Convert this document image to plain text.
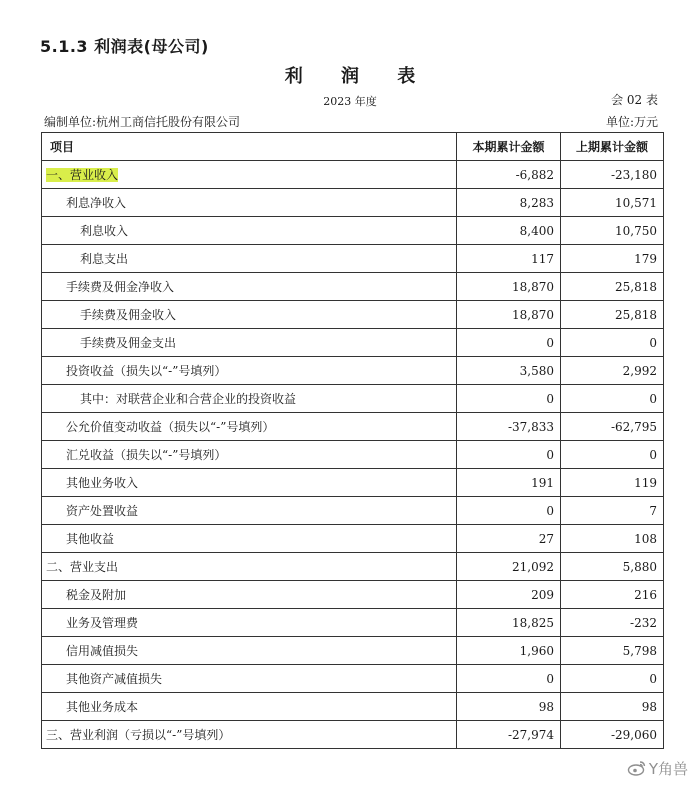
5.1.3 利润表(母公司)
利 润 表
2023 年度	会 02 表
编制单位:杭州工商信托股份有限公司	单位:万元
项目	本期累计金额	上期累计金额
一、营业收入	-6,882	-23,180
利息净收入	8,283	10,571
利息收入	8,400	10,750
利息支出	117	179
手续费及佣金净收入	18,870	25,818
手续费及佣金收入	18,870	25,818
手续费及佣金支出	0	0
投资收益（损失以“-”号填列）	3,580	2,992
其中：对联营企业和合营企业的投资收益	0	0
公允价值变动收益（损失以“-”号填列）	-37,833	-62,795
汇兑收益（损失以“-”号填列）	0	0
其他业务收入	191	119
资产处置收益	0	7
其他收益	27	108
二、营业支出	21,092	5,880
税金及附加	209	216
业务及管理费	18,825	-232
信用减值损失	1,960	5,798
其他资产减值损失	0	0
其他业务成本	98	98
三、营业利润（亏损以“-”号填列）	-27,974	-29,060
Y角兽
